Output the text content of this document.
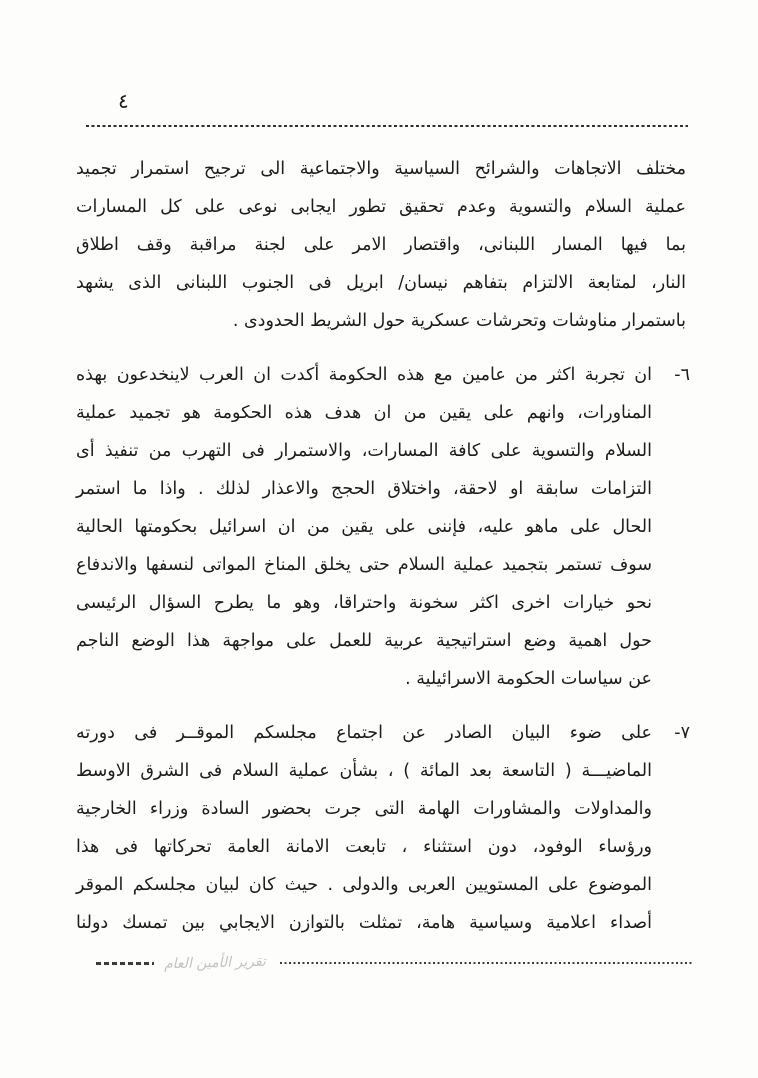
٤
مختلف الاتجاهات والشرائح السياسية والاجتماعية الى ترجيح استمرار تجميد
عملية السلام والتسوية وعدم تحقيق تطور ايجابى نوعى على كل المسارات
بما فيها المسار اللبنانى، واقتصار الامر على لجنة مراقبة وقف اطلاق
النار، لمتابعة الالتزام بتفاهم نيسان/ ابريل فى الجنوب اللبنانى الذى يشهد
باستمرار مناوشات وتحرشات عسكرية حول الشريط الحدودى .
٦-
ان تجربة اكثر من عامين مع هذه الحكومة أكدت ان العرب لاينخدعون بهذه
المناورات، وانهم على يقين من ان هدف هذه الحكومة هو تجميد عملية
السلام والتسوية على كافة المسارات، والاستمرار فى التهرب من تنفيذ أى
التزامات سابقة او لاحقة، واختلاق الحجج والاعذار لذلك . واذا ما استمر
الحال على ماهو عليه، فإننى على يقين من ان اسرائيل بحكومتها الحالية
سوف تستمر بتجميد عملية السلام حتى يخلق المناخ المواتى لنسفها والاندفاع
نحو خيارات اخرى اكثر سخونة واحتراقا، وهو ما يطرح السؤال الرئيسى
حول اهمية وضع استراتيجية عربية للعمل على مواجهة هذا الوضع الناجم
عن سياسات الحكومة الاسرائيلية .
٧-
على ضوء البيان الصادر عن اجتماع مجلسكم الموقــر فى دورته
الماضيـــة ( التاسعة بعد المائة ) ، بشأن عملية السلام فى الشرق الاوسط
والمداولات والمشاورات الهامة التى جرت بحضور السادة وزراء الخارجية
ورؤساء الوفود، دون استثناء ، تابعت الامانة العامة تحركاتها فى هذا
الموضوع على المستويين العربى والدولى . حيث كان لبيان مجلسكم الموقر
أصداء اعلامية وسياسية هامة، تمثلت بالتوازن الايجابي بين تمسك دولنا
تقرير الأمين العام
